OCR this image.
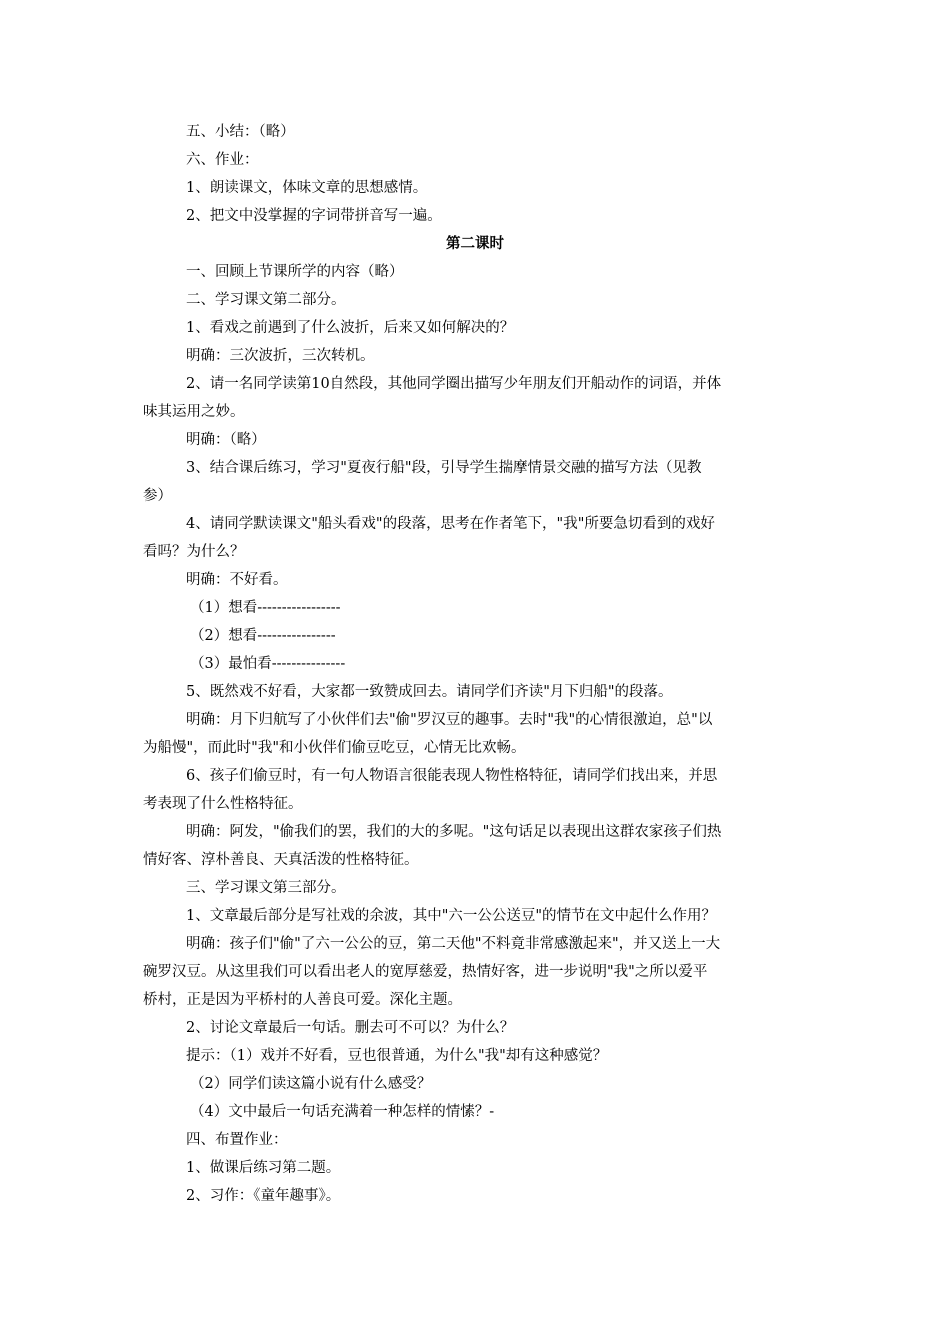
五、小结：（略）
六、作业：
1、朗读课文，体味文章的思想感情。
2、把文中没掌握的字词带拼音写一遍。
第二课时
一、回顾上节课所学的内容（略）
二、学习课文第二部分。
1、看戏之前遇到了什么波折，后来又如何解决的？
明确：三次波折，三次转机。
2、请一名同学读第10自然段，其他同学圈出描写少年朋友们开船动作的词语，并体
味其运用之妙。
明确：（略）
3、结合课后练习，学习"夏夜行船"段，引导学生揣摩情景交融的描写方法（见教
参）
4、请同学默读课文"船头看戏"的段落，思考在作者笔下，"我"所要急切看到的戏好
看吗？为什么？
明确：不好看。
（1）想看-----------------
（2）想看----------------
（3）最怕看---------------
5、既然戏不好看，大家都一致赞成回去。请同学们齐读"月下归船"的段落。
明确：月下归航写了小伙伴们去"偷"罗汉豆的趣事。去时"我"的心情很激迫，总"以
为船慢"，而此时"我"和小伙伴们偷豆吃豆，心情无比欢畅。
6、孩子们偷豆时，有一句人物语言很能表现人物性格特征，请同学们找出来，并思
考表现了什么性格特征。
明确：阿发，"偷我们的罢，我们的大的多呢。"这句话足以表现出这群农家孩子们热
情好客、淳朴善良、天真活泼的性格特征。
三、学习课文第三部分。
1、文章最后部分是写社戏的余波，其中"六一公公送豆"的情节在文中起什么作用？
明确：孩子们"偷"了六一公公的豆，第二天他"不料竟非常感激起来"，并又送上一大
碗罗汉豆。从这里我们可以看出老人的宽厚慈爱，热情好客，进一步说明"我"之所以爱平
桥村，正是因为平桥村的人善良可爱。深化主题。
2、讨论文章最后一句话。删去可不可以？为什么？
提示：（1）戏并不好看，豆也很普通，为什么"我"却有这种感觉？
（2）同学们读这篇小说有什么感受？
（4）文中最后一句话充满着一种怎样的情愫？-
四、布置作业：
1、做课后练习第二题。
2、习作：《童年趣事》。
